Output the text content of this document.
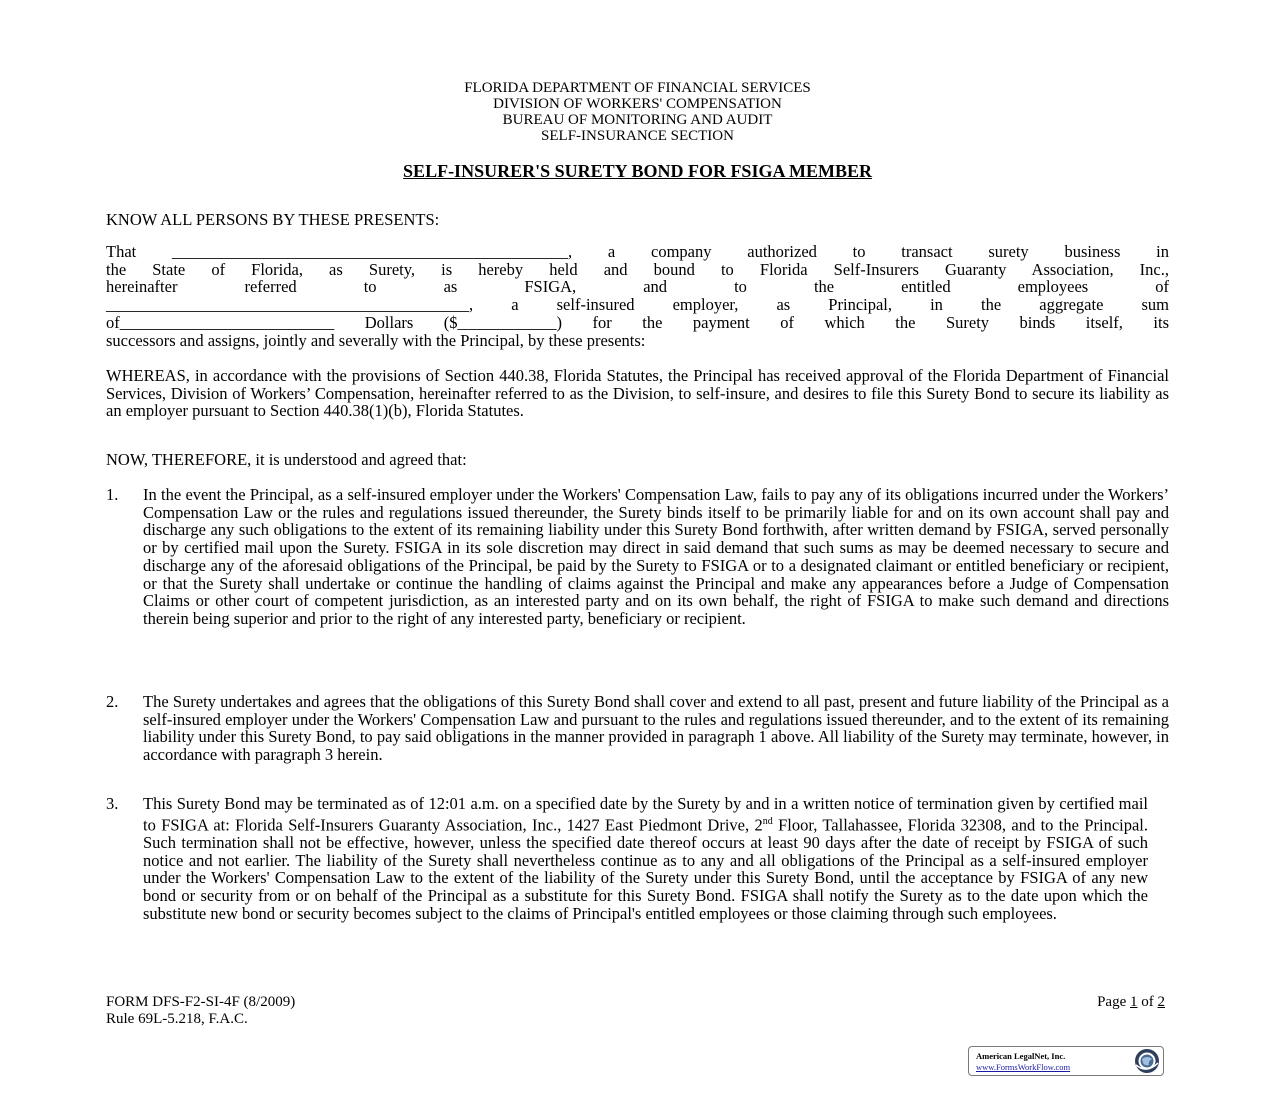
FLORIDA DEPARTMENT OF FINANCIAL SERVICES
DIVISION OF WORKERS' COMPENSATION
BUREAU OF MONITORING AND AUDIT
SELF-INSURANCE SECTION
SELF-INSURER'S SURETY BOND FOR FSIGA MEMBER
KNOW ALL PERSONS BY THESE PRESENTS:
That ________________________________________________, a company authorized to transact surety business in
the State of Florida, as Surety, is hereby held and bound to Florida Self-Insurers Guaranty Association, Inc.,
hereinafter referred to as FSIGA, and to the entitled employees of
____________________________________________, a self-insured employer, as Principal, in the aggregate sum
of__________________________ Dollars ($____________) for the payment of which the Surety binds itself, its
successors and assigns, jointly and severally with the Principal, by these presents:
WHEREAS, in accordance with the provisions of Section 440.38, Florida Statutes, the Principal has received approval of the Florida Department of Financial Services, Division of Workers’ Compensation, hereinafter referred to as the Division, to self-insure, and desires to file this Surety Bond to secure its liability as an employer pursuant to Section 440.38(1)(b), Florida Statutes.
NOW, THEREFORE, it is understood and agreed that:
1.	In the event the Principal, as a self-insured employer under the Workers' Compensation Law, fails to pay any of its obligations incurred under the Workers’ Compensation Law or the rules and regulations issued thereunder, the Surety binds itself to be primarily liable for and on its own account shall pay and discharge any such obligations to the extent of its remaining liability under this Surety Bond forthwith, after written demand by FSIGA, served personally or by certified mail upon the Surety. FSIGA in its sole discretion may direct in said demand that such sums as may be deemed necessary to secure and discharge any of the aforesaid obligations of the Principal, be paid by the Surety to FSIGA or to a designated claimant or entitled beneficiary or recipient, or that the Surety shall undertake or continue the handling of claims against the Principal and make any appearances before a Judge of Compensation Claims or other court of competent jurisdiction, as an interested party and on its own behalf, the right of FSIGA to make such demand and directions therein being superior and prior to the right of any interested party, beneficiary or recipient.
2.	The Surety undertakes and agrees that the obligations of this Surety Bond shall cover and extend to all past, present and future liability of the Principal as a self-insured employer under the Workers' Compensation Law and pursuant to the rules and regulations issued thereunder, and to the extent of its remaining liability under this Surety Bond, to pay said obligations in the manner provided in paragraph 1 above. All liability of the Surety may terminate, however, in accordance with paragraph 3 herein.
3.	This Surety Bond may be terminated as of 12:01 a.m. on a specified date by the Surety by and in a written notice of termination given by certified mail to FSIGA at: Florida Self-Insurers Guaranty Association, Inc., 1427 East Piedmont Drive, 2nd Floor, Tallahassee, Florida 32308, and to the Principal. Such termination shall not be effective, however, unless the specified date thereof occurs at least 90 days after the date of receipt by FSIGA of such notice and not earlier. The liability of the Surety shall nevertheless continue as to any and all obligations of the Principal as a self-insured employer under the Workers' Compensation Law to the extent of the liability of the Surety under this Surety Bond, until the acceptance by FSIGA of any new bond or security from or on behalf of the Principal as a substitute for this Surety Bond. FSIGA shall notify the Surety as to the date upon which the substitute new bond or security becomes subject to the claims of Principal's entitled employees or those claiming through such employees.
FORM DFS-F2-SI-4F (8/2009)
Rule 69L-5.218, F.A.C.
Page 1 of 2
American LegalNet, Inc.
www.FormsWorkFlow.com
